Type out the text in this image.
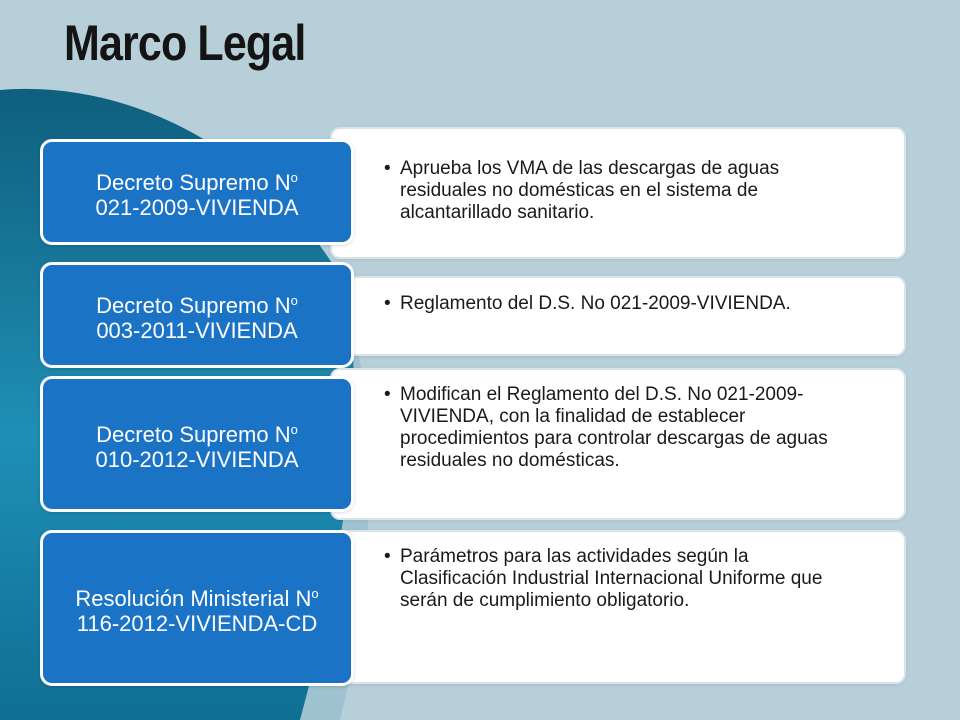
Marco Legal
• Aprueba los VMA de las descargas de aguas residuales no domésticas en el sistema de alcantarillado sanitario.
Decreto Supremo $N^o$
021-2009-VIVIENDA
• Reglamento del D.S. No 021-2009-VIVIENDA.
Decreto Supremo $N^o$
003-2011-VIVIENDA
• Modifican el Reglamento del D.S. No 021-2009-VIVIENDA, con la finalidad de establecer procedimientos para controlar descargas de aguas residuales no domésticas.
Decreto Supremo $N^o$
010-2012-VIVIENDA
• Parámetros para las actividades según la Clasificación Industrial Internacional Uniforme que serán de cumplimiento obligatorio.
Resolución Ministerial $N^o$
116-2012-VIVIENDA-CD
